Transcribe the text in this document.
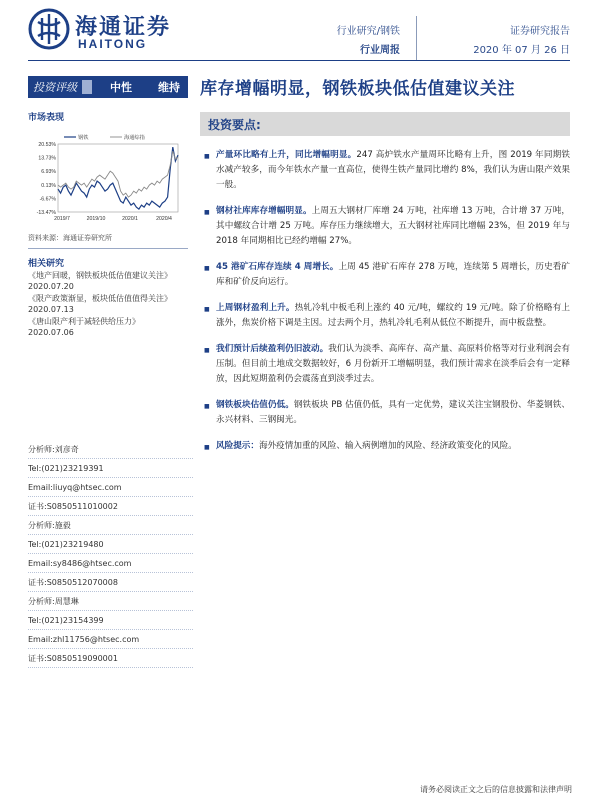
海通证券
HAITONG
行业研究/钢铁
行业周报
证券研究报告
2020 年 07 月 26 日
投资评级	中性	维持	库存增幅明显，钢铁板块低估值建议关注
市场表现
20.53%
13.73%
6.93%
0.13%
-6.67%
-13.47%
2019/7	2019/10	2020/1	2020/4
钢铁	海通综指
资料来源：海通证券研究所
相关研究
《地产回暖，钢铁板块低估值建议关注》
2020.07.20
《限产政策渐显，板块低估值值得关注》
2020.07.13
《唐山限产利于减轻供给压力》
2020.07.06
分析师:刘彦奇
Tel:(021)23219391
Email:liuyq@htsec.com
证书:S0850511010002
分析师:施毅
Tel:(021)23219480
Email:sy8486@htsec.com
证书:S0850512070008
分析师:周慧琳
Tel:(021)23154399
Email:zhl11756@htsec.com
证书:S0850519090001
投资要点:
■ 产量环比略有上升，同比增幅明显。247 高炉铁水产量周环比略有上升，图 2019 年同期铁水减产较多，而今年铁水产量一直高位，使得生铁产量同比增约 8%，我们认为唐山限产效果一般。
■ 钢材社库库存增幅明显。上周五大钢材厂库增 24 万吨，社库增 13 万吨，合计增 37 万吨，其中螺纹合计增 25 万吨。库存压力继续增大，五大钢材社库同比增幅 23%，但 2019 年与 2018 年同期相比已经约增幅 27%。
■ 45 港矿石库存连续 4 周增长。上周 45 港矿石库存 278 万吨，连续第 5 周增长，历史看矿库和矿价反向运行。
■ 上周钢材盈利上升。热轧冷轧中板毛利上涨约 40 元/吨，螺纹约 19 元/吨。除了价格略有上涨外，焦炭价格下调是主因。过去两个月，热轧冷轧毛利从低位不断提升，而中板盘整。
■ 我们预计后续盈利仍旧波动。我们认为淡季、高库存、高产量、高原料价格等对行业利润会有压制。但目前土地成交数据较好，6 月份新开工增幅明显，我们预计需求在淡季后会有一定释放，因此短期盈利仍会震荡直到淡季过去。
■ 钢铁板块估值仍低。钢铁板块 PB 估值仍低，具有一定优势，建议关注宝钢股份、华菱钢铁、永兴材料、三钢闽光。
■ 风险提示：海外疫情加重的风险、输入病例增加的风险、经济政策变化的风险。
请务必阅读正文之后的信息披露和法律声明
